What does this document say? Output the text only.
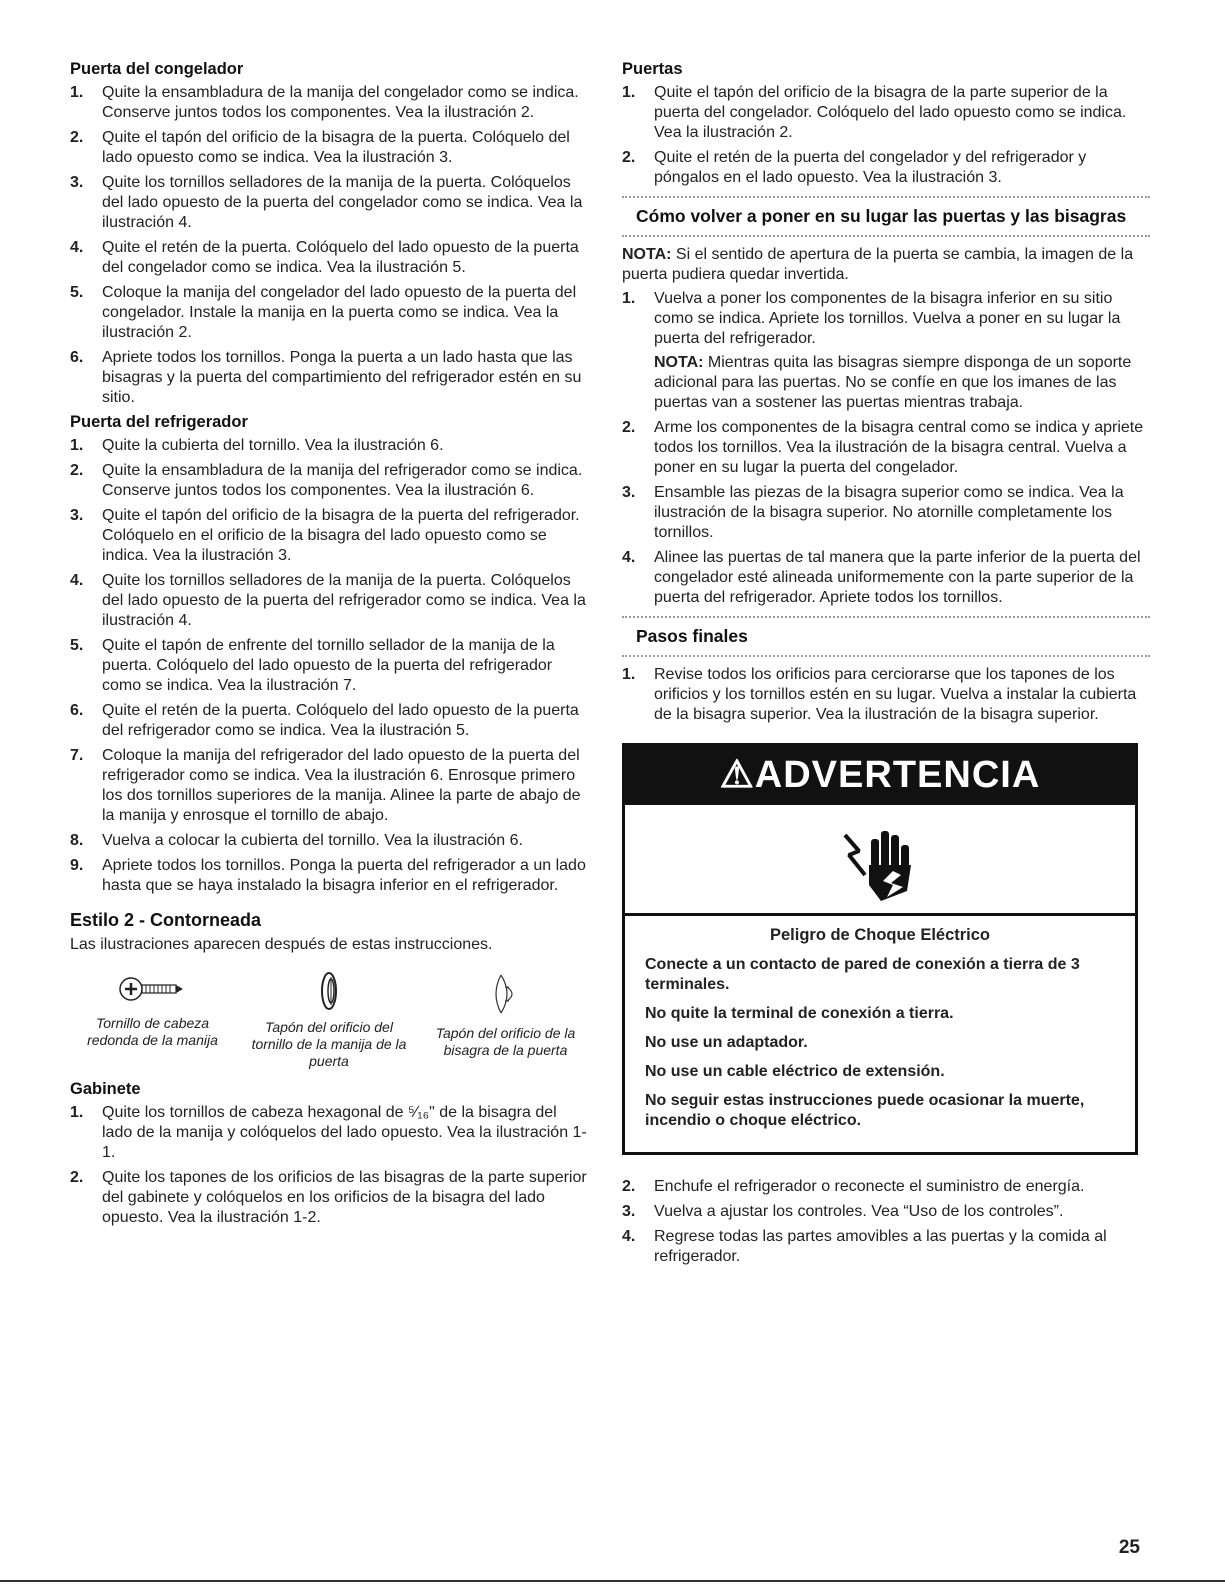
Puerta del congelador
1. Quite la ensambladura de la manija del congelador como se indica. Conserve juntos todos los componentes. Vea la ilustración 2.
2. Quite el tapón del orificio de la bisagra de la puerta. Colóquelo del lado opuesto como se indica. Vea la ilustración 3.
3. Quite los tornillos selladores de la manija de la puerta. Colóquelos del lado opuesto de la puerta del congelador como se indica. Vea la ilustración 4.
4. Quite el retén de la puerta. Colóquelo del lado opuesto de la puerta del congelador como se indica. Vea la ilustración 5.
5. Coloque la manija del congelador del lado opuesto de la puerta del congelador. Instale la manija en la puerta como se indica. Vea la ilustración 2.
6. Apriete todos los tornillos. Ponga la puerta a un lado hasta que las bisagras y la puerta del compartimiento del refrigerador estén en su sitio.
Puerta del refrigerador
1. Quite la cubierta del tornillo. Vea la ilustración 6.
2. Quite la ensambladura de la manija del refrigerador como se indica. Conserve juntos todos los componentes. Vea la ilustración 6.
3. Quite el tapón del orificio de la bisagra de la puerta del refrigerador. Colóquelo en el orificio de la bisagra del lado opuesto como se indica. Vea la ilustración 3.
4. Quite los tornillos selladores de la manija de la puerta. Colóquelos del lado opuesto de la puerta del refrigerador como se indica. Vea la ilustración 4.
5. Quite el tapón de enfrente del tornillo sellador de la manija de la puerta. Colóquelo del lado opuesto de la puerta del refrigerador como se indica. Vea la ilustración 7.
6. Quite el retén de la puerta. Colóquelo del lado opuesto de la puerta del refrigerador como se indica. Vea la ilustración 5.
7. Coloque la manija del refrigerador del lado opuesto de la puerta del refrigerador como se indica. Vea la ilustración 6. Enrosque primero los dos tornillos superiores de la manija. Alinee la parte de abajo de la manija y enrosque el tornillo de abajo.
8. Vuelva a colocar la cubierta del tornillo. Vea la ilustración 6.
9. Apriete todos los tornillos. Ponga la puerta del refrigerador a un lado hasta que se haya instalado la bisagra inferior en el refrigerador.
Estilo 2 - Contorneada

Las ilustraciones aparecen después de estas instrucciones.

Tornillo de cabeza redonda de la manija
Tapón del orificio del tornillo de la manija de la puerta
Tapón del orificio de la bisagra de la puerta
Gabinete
1. Quite los tornillos de cabeza hexagonal de ⁵⁄₁₆" de la bisagra del lado de la manija y colóquelos del lado opuesto. Vea la ilustración 1-1.
2. Quite los tapones de los orificios de las bisagras de la parte superior del gabinete y colóquelos en los orificios de la bisagra del lado opuesto. Vea la ilustración 1-2.
Puertas
1. Quite el tapón del orificio de la bisagra de la parte superior de la puerta del congelador. Colóquelo del lado opuesto como se indica. Vea la ilustración 2.
2. Quite el retén de la puerta del congelador y del refrigerador y póngalos en el lado opuesto. Vea la ilustración 3.
Cómo volver a poner en su lugar las puertas y las bisagras

NOTA: Si el sentido de apertura de la puerta se cambia, la imagen de la puerta pudiera quedar invertida.

1. Vuelva a poner los componentes de la bisagra inferior en su sitio como se indica. Apriete los tornillos. Vuelva a poner en su lugar la puerta del refrigerador.

NOTA: Mientras quita las bisagras siempre disponga de un soporte adicional para las puertas. No se confíe en que los imanes de las puertas van a sostener las puertas mientras trabaja.

2. Arme los componentes de la bisagra central como se indica y apriete todos los tornillos. Vea la ilustración de la bisagra central. Vuelva a poner en su lugar la puerta del congelador.
3. Ensamble las piezas de la bisagra superior como se indica. Vea la ilustración de la bisagra superior. No atornille completamente los tornillos.
4. Alinee las puertas de tal manera que la parte inferior de la puerta del congelador esté alineada uniformemente con la parte superior de la puerta del refrigerador. Apriete todos los tornillos.
Pasos finales
1. Revise todos los orificios para cerciorarse que los tapones de los orificios y los tornillos estén en su lugar. Vuelva a instalar la cubierta de la bisagra superior. Vea la ilustración de la bisagra superior.
⚠ADVERTENCIA
Peligro de Choque Eléctrico
Conecte a un contacto de pared de conexión a tierra de 3 terminales.
No quite la terminal de conexión a tierra.
No use un adaptador.
No use un cable eléctrico de extensión.
No seguir estas instrucciones puede ocasionar la muerte, incendio o choque eléctrico.
2. Enchufe el refrigerador o reconecte el suministro de energía.
3. Vuelva a ajustar los controles. Vea “Uso de los controles”.
4. Regrese todas las partes amovibles a las puertas y la comida al refrigerador.
25
